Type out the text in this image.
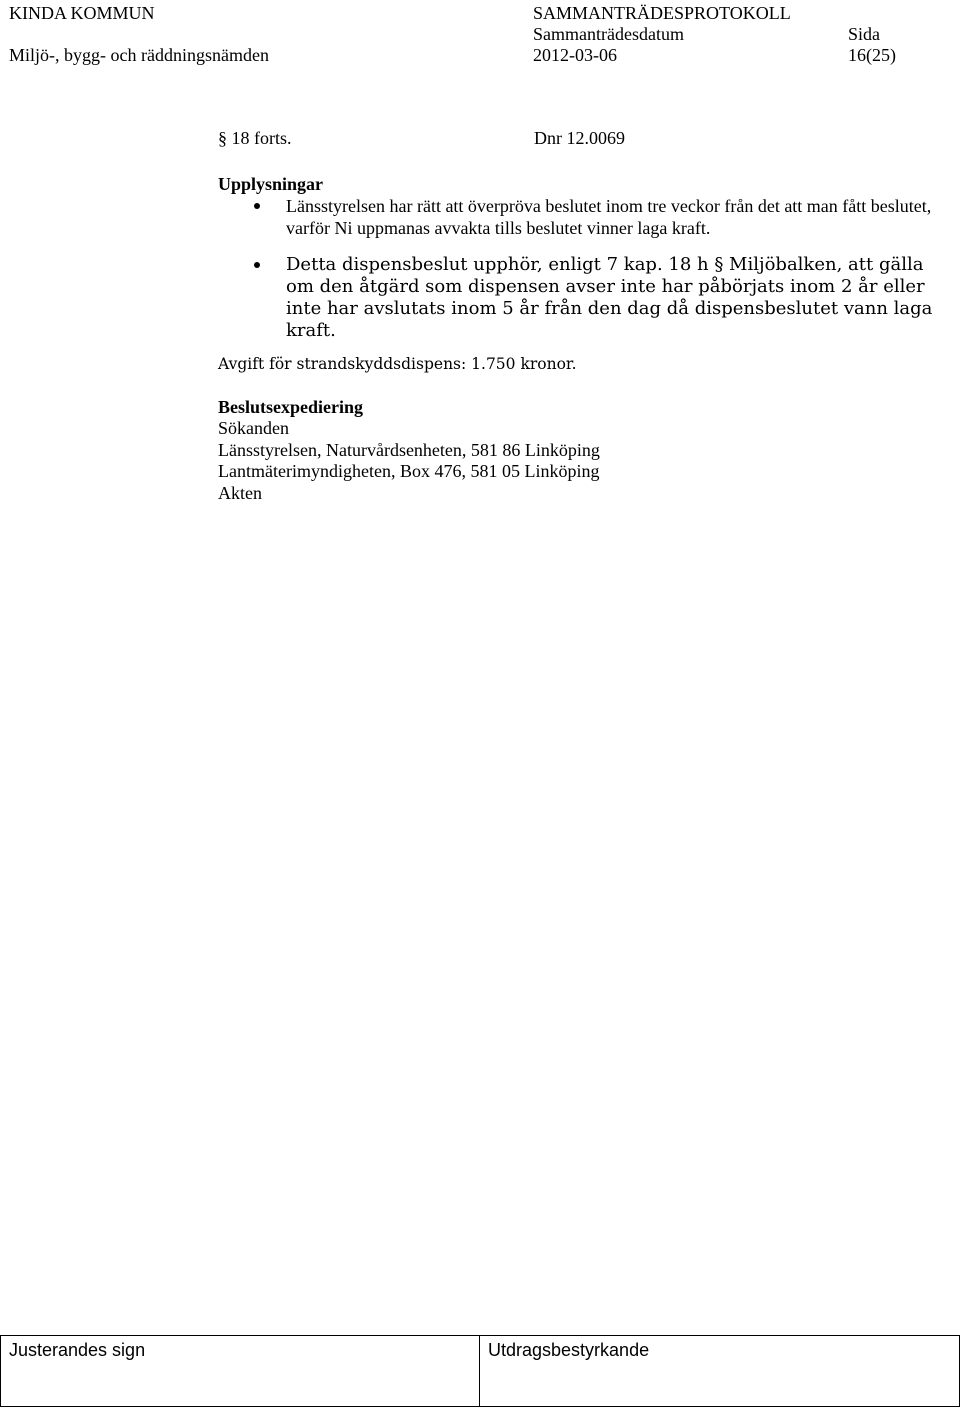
KINDA KOMMUN
Miljö-, bygg- och räddningsnämden
SAMMANTRÄDESPROTOKOLL
Sammanträdesdatum
2012-03-06
Sida
16(25)
§ 18 forts.	Dnr 12.0069
Upplysningar
Länsstyrelsen har rätt att överpröva beslutet inom tre veckor från det att man fått beslutet, varför Ni uppmanas avvakta tills beslutet vinner laga kraft.
Detta dispensbeslut upphör, enligt 7 kap. 18 h § Miljöbalken, att gälla om den åtgärd som dispensen avser inte har påbörjats inom 2 år eller inte har avslutats inom 5 år från den dag då dispensbeslutet vann laga kraft.
Avgift för strandskyddsdispens: 1.750 kronor.
Beslutsexpediering
Sökanden
Länsstyrelsen, Naturvårdsenheten, 581 86 Linköping
Lantmäterimyndigheten, Box 476, 581 05 Linköping
Akten
Justerandes sign	Utdragsbestyrkande
